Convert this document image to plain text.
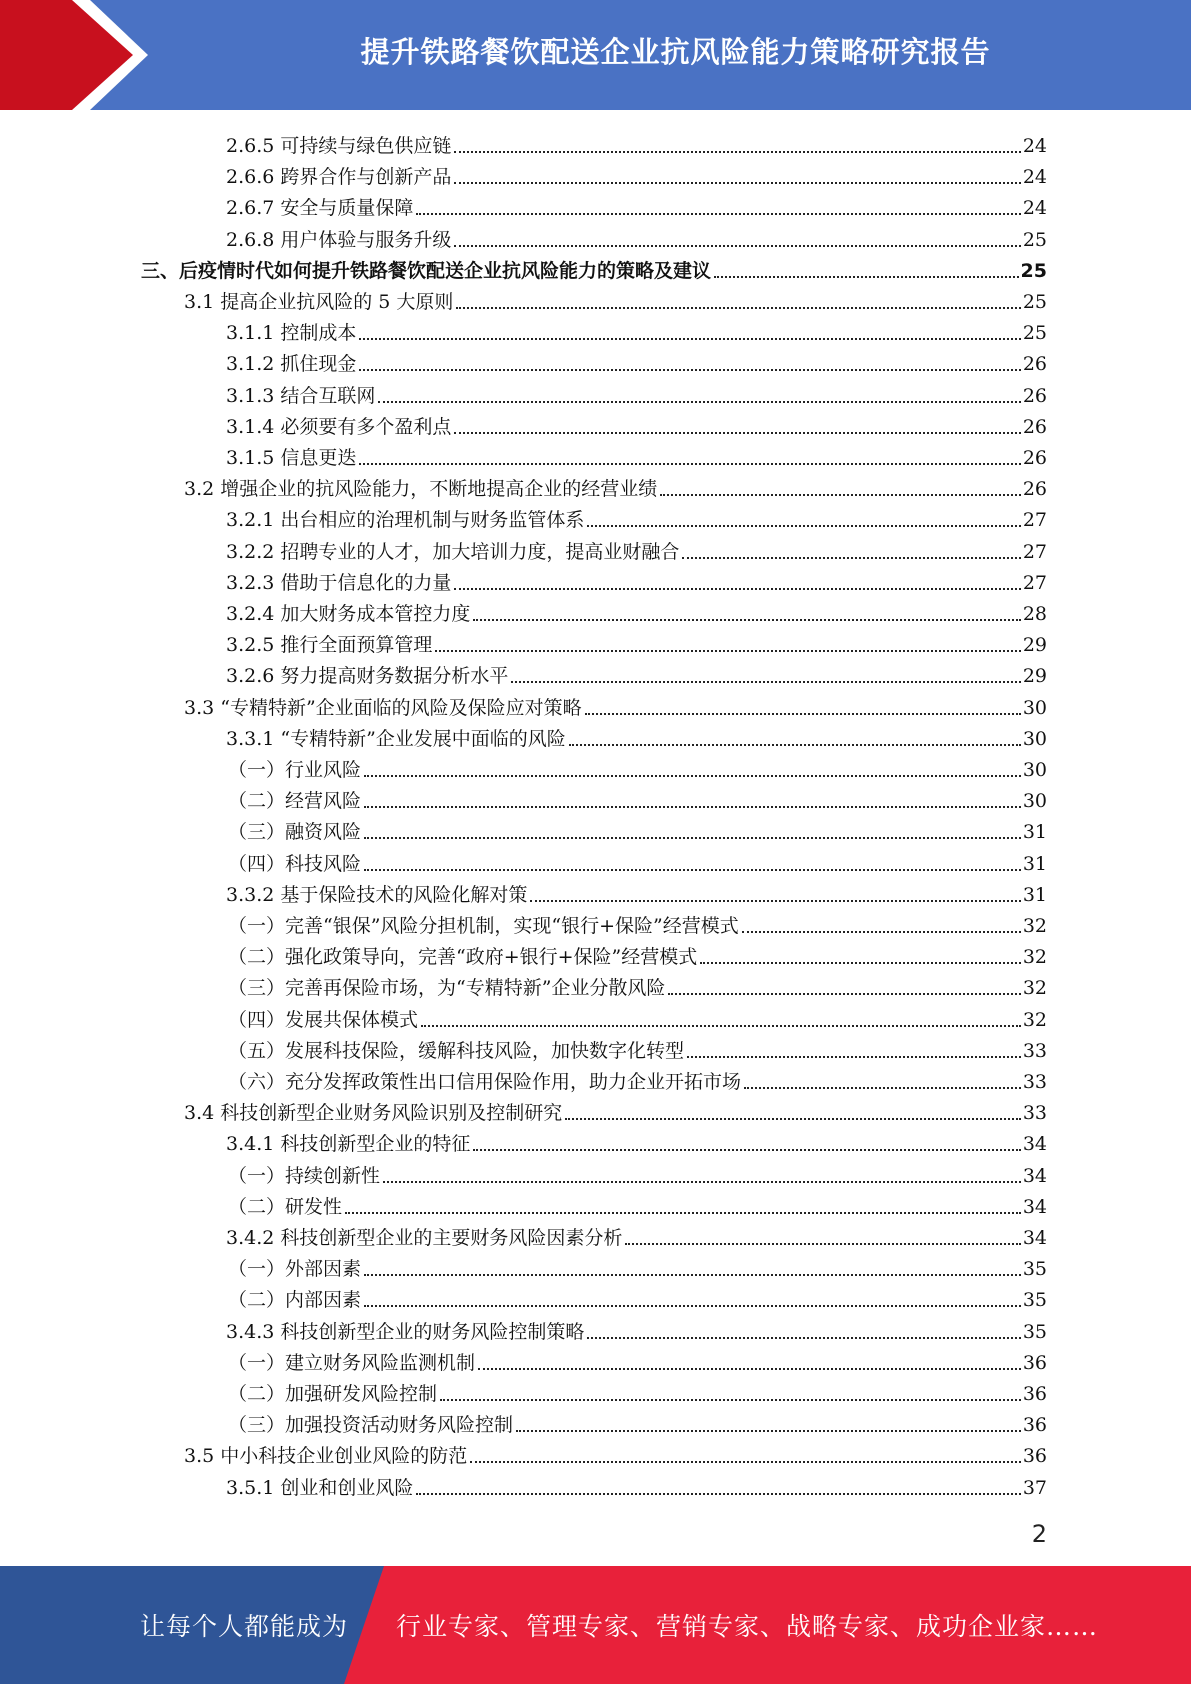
提升铁路餐饮配送企业抗风险能力策略研究报告
2.6.5 可持续与绿色供应链	24
2.6.6 跨界合作与创新产品	24
2.6.7 安全与质量保障	24
2.6.8 用户体验与服务升级	25
三、后疫情时代如何提升铁路餐饮配送企业抗风险能力的策略及建议	25
3.1 提高企业抗风险的 5 大原则	25
3.1.1 控制成本	25
3.1.2 抓住现金	26
3.1.3 结合互联网	26
3.1.4 必须要有多个盈利点	26
3.1.5 信息更迭	26
3.2 增强企业的抗风险能力，不断地提高企业的经营业绩	26
3.2.1 出台相应的治理机制与财务监管体系	27
3.2.2 招聘专业的人才，加大培训力度，提高业财融合	27
3.2.3 借助于信息化的力量	27
3.2.4 加大财务成本管控力度	28
3.2.5 推行全面预算管理	29
3.2.6 努力提高财务数据分析水平	29
3.3 “专精特新”企业面临的风险及保险应对策略	30
3.3.1 “专精特新”企业发展中面临的风险	30
（一）行业风险	30
（二）经营风险	30
（三）融资风险	31
（四）科技风险	31
3.3.2 基于保险技术的风险化解对策	31
（一）完善“银保”风险分担机制，实现“银行+保险”经营模式	32
（二）强化政策导向，完善“政府+银行+保险”经营模式	32
（三）完善再保险市场，为“专精特新”企业分散风险	32
（四）发展共保体模式	32
（五）发展科技保险，缓解科技风险，加快数字化转型	33
（六）充分发挥政策性出口信用保险作用，助力企业开拓市场	33
3.4 科技创新型企业财务风险识别及控制研究	33
3.4.1 科技创新型企业的特征	34
（一）持续创新性	34
（二）研发性	34
3.4.2 科技创新型企业的主要财务风险因素分析	34
（一）外部因素	35
（二）内部因素	35
3.4.3 科技创新型企业的财务风险控制策略	35
（一）建立财务风险监测机制	36
（二）加强研发风险控制	36
（三）加强投资活动财务风险控制	36
3.5 中小科技企业创业风险的防范	36
3.5.1 创业和创业风险	37
2
让每个人都能成为 行业专家、管理专家、营销专家、战略专家、成功企业家……
